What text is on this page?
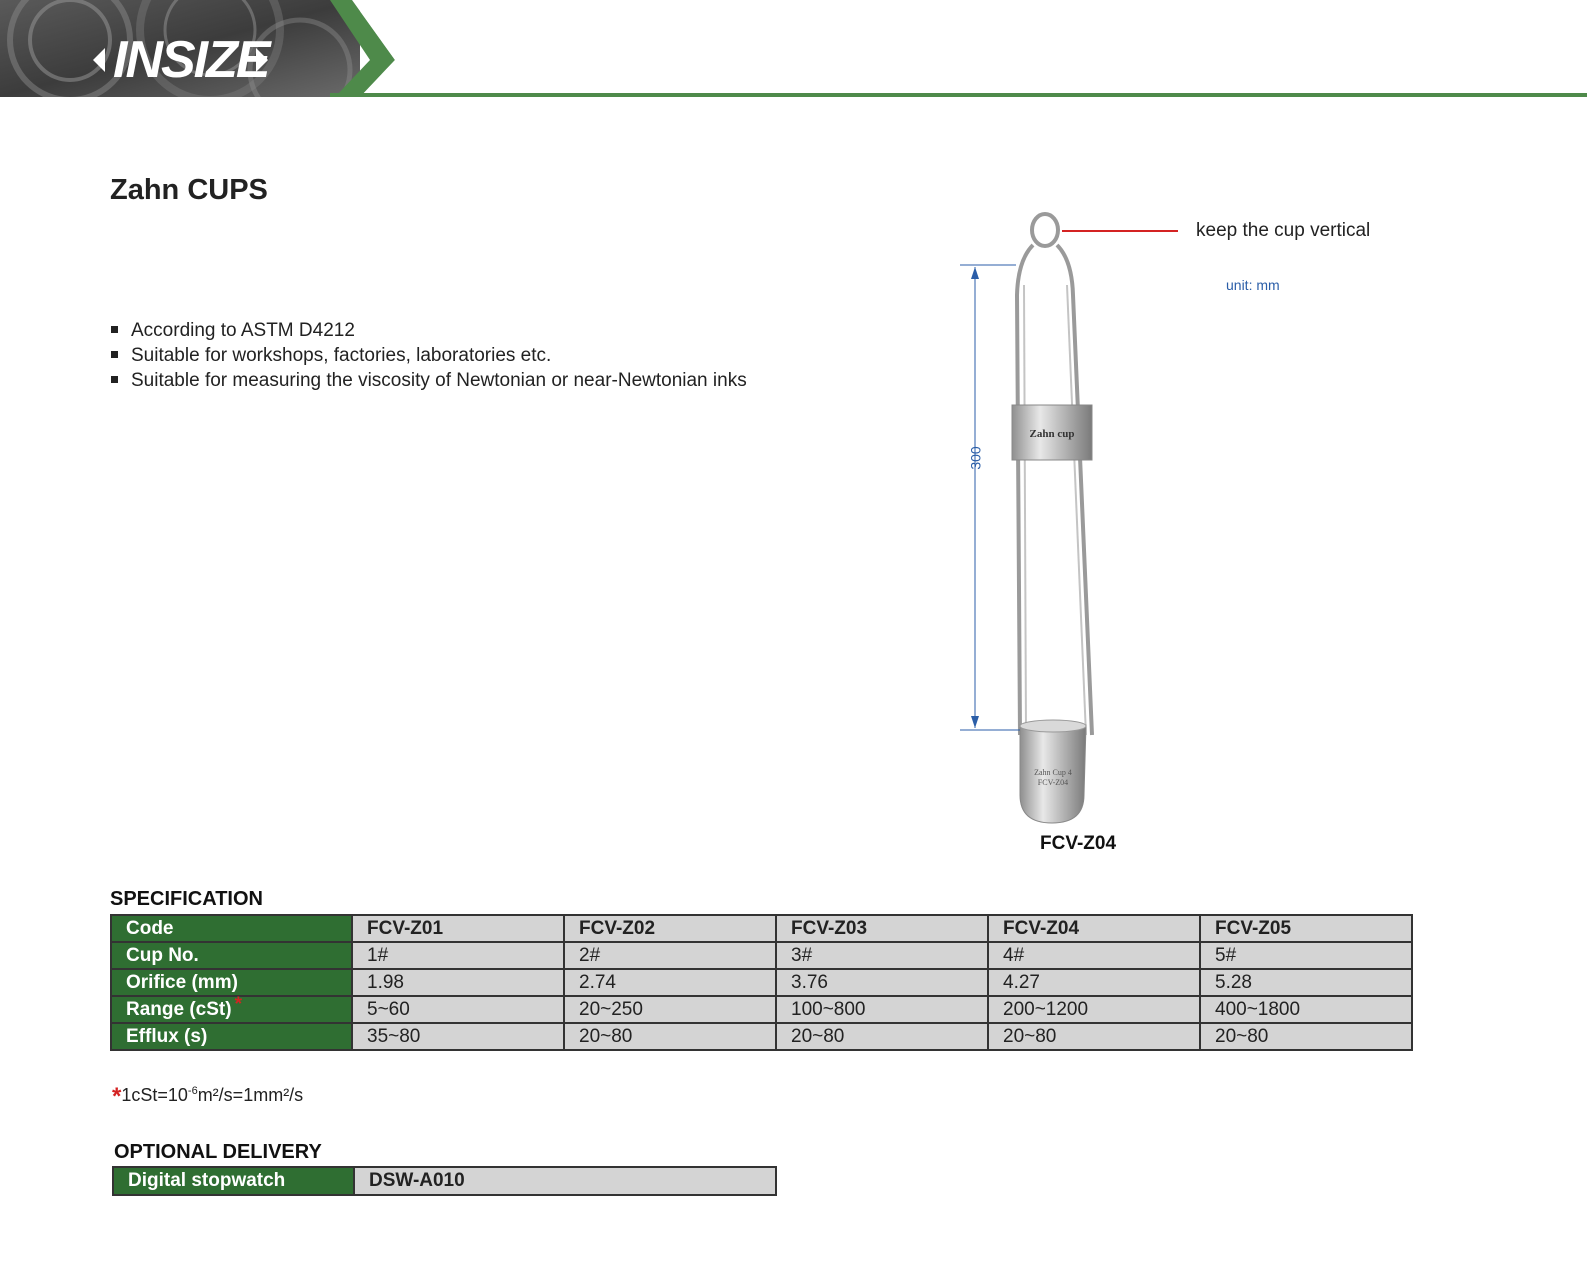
INSIZE
Zahn CUPS
According to ASTM D4212
Suitable for workshops, factories, laboratories etc.
Suitable for measuring the viscosity of Newtonian or near-Newtonian inks
Zahn cup
Zahn Cup 4
FCV-Z04
keep the cup vertical
unit: mm
300
FCV-Z04
SPECIFICATION
Code	FCV-Z01	FCV-Z02	FCV-Z03	FCV-Z04	FCV-Z05
Cup No.	1#	2#	3#	4#	5#
Orifice (mm)	1.98	2.74	3.76	4.27	5.28
Range (cSt) *	5~60	20~250	100~800	200~1200	400~1800
Efflux (s)	35~80	20~80	20~80	20~80	20~80
$*1cSt=10^{-6}m^2/s=1mm^2/s$
OPTIONAL DELIVERY
Digital stopwatch	DSW-A010
